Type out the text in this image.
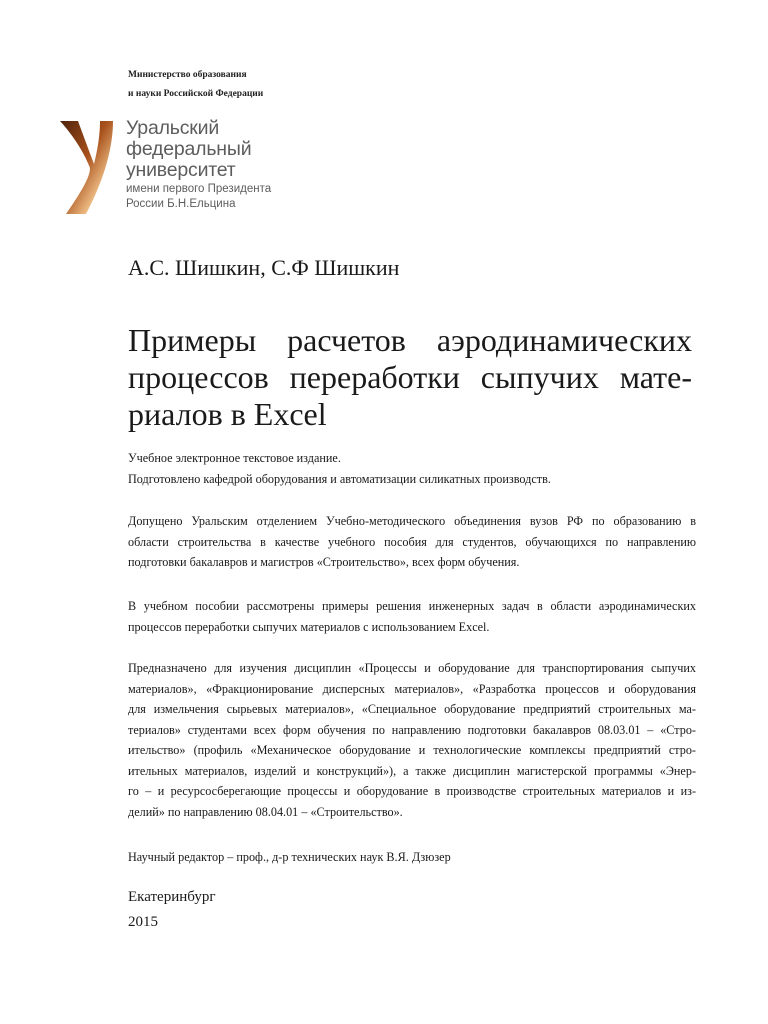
Министерство образования
и науки Российской Федерации
Уральский
федеральный
университет
имени первого Президента
России Б.Н.Ельцина
А.С. Шишкин, С.Ф Шишкин
Примеры расчетов аэродинамических
процессов переработки сыпучих мате-
риалов в Excel
Учебное электронное текстовое издание.
Подготовлено кафедрой оборудования и автоматизации силикатных производств.
Допущено Уральским отделением Учебно-методического объединения вузов РФ по образованию в
области строительства в качестве учебного пособия для студентов, обучающихся по направлению
подготовки бакалавров и магистров «Строительство», всех форм обучения.
В учебном пособии рассмотрены примеры решения инженерных задач в области аэродинамических
процессов переработки сыпучих материалов с использованием Excel.
Предназначено для изучения дисциплин «Процессы и оборудование для транспортирования сыпучих
материалов», «Фракционирование дисперсных материалов», «Разработка процессов и оборудования
для измельчения сырьевых материалов», «Специальное оборудование предприятий строительных ма-
териалов» студентами всех форм обучения по направлению подготовки бакалавров 08.03.01 – «Стро-
ительство» (профиль «Механическое оборудование и технологические комплексы предприятий стро-
ительных материалов, изделий и конструкций»), а также дисциплин магистерской программы «Энер-
го – и ресурсосберегающие процессы и оборудование в производстве строительных материалов и из-
делий» по направлению 08.04.01 – «Строительство».
Научный редактор – проф., д-р технических наук В.Я. Дзюзер
Екатеринбург
2015
